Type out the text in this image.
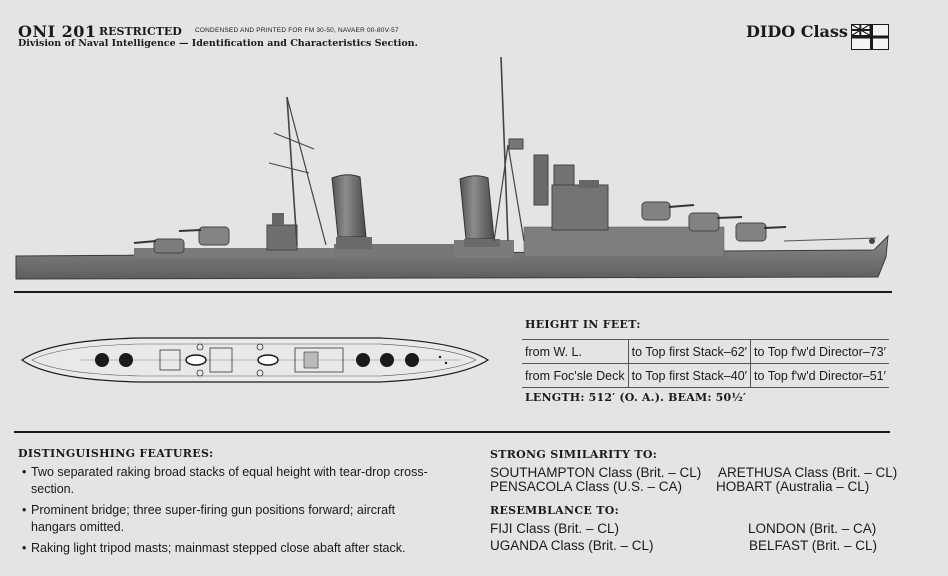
ONI 201 RESTRICTED CONDENSED AND PRINTED FOR FM 30-50, NAVAER 00-80V-57
Division of Naval Intelligence — Identification and Characteristics Section.
DIDO Class
HEIGHT IN FEET:
from W. L.	to Top first Stack–62′	to Top f'w'd Director–73′
from Foc'sle Deck	to Top first Stack–40′	to Top f'w'd Director–51′
LENGTH: 512′ (O. A.). BEAM: 50½′
DISTINGUISHING FEATURES:
• Two separated raking broad stacks of equal height with tear-drop cross-section.
• Prominent bridge; three super-firing gun positions forward; aircraft hangars omitted.
• Raking light tripod masts; mainmast stepped close abaft after stack.
STRONG SIMILARITY TO:
SOUTHAMPTON Class (Brit. – CL) ARETHUSA Class (Brit. – CL)
PENSACOLA Class (U.S. – CA)	HOBART (Australia – CL)
RESEMBLANCE TO:
FIJI Class (Brit. – CL)	LONDON (Brit. – CA)
UGANDA Class (Brit. – CL)	BELFAST (Brit. – CL)
